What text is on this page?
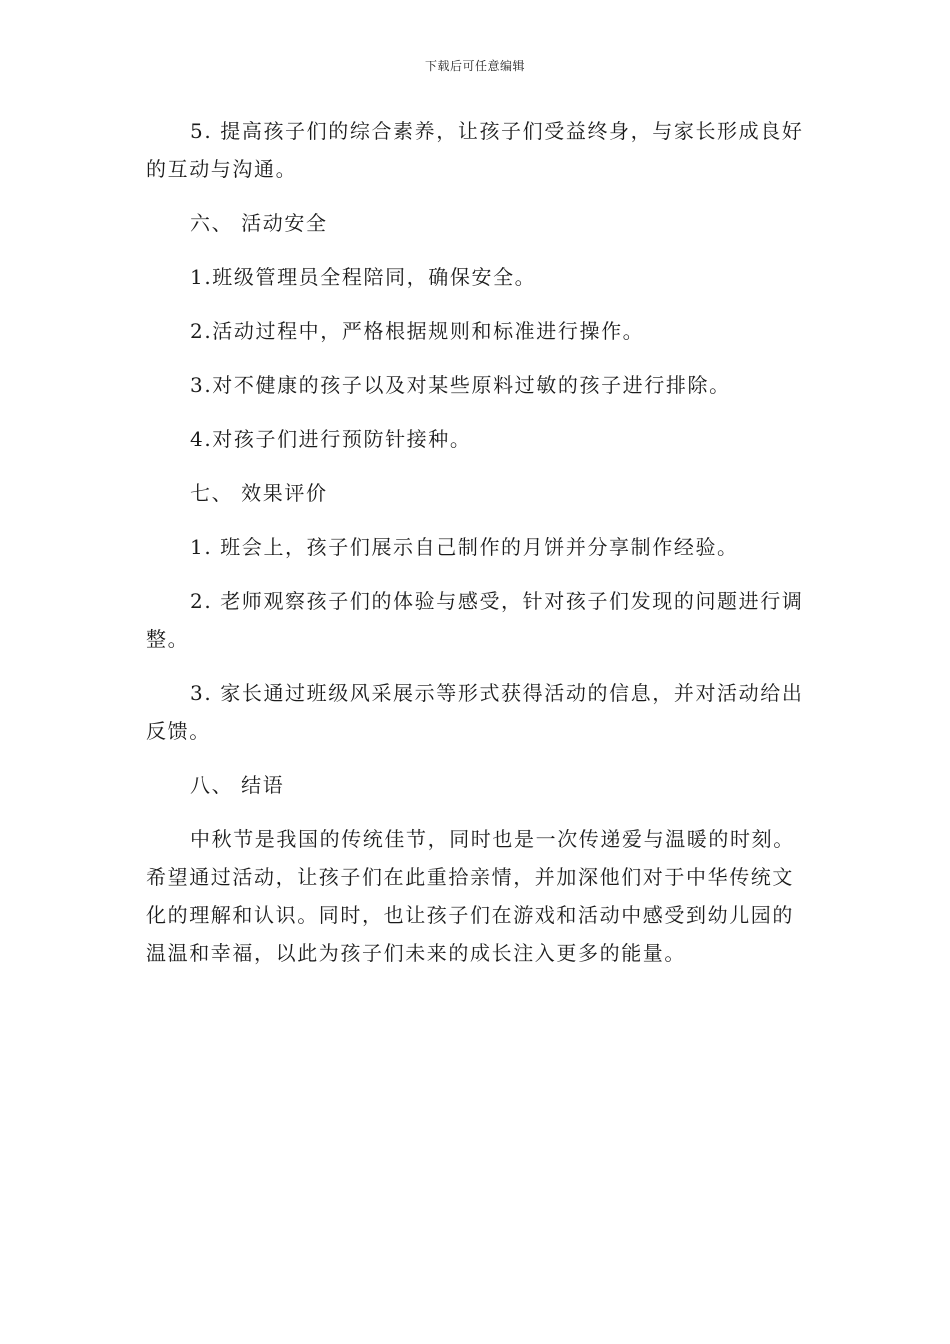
下载后可任意编辑

5. 提高孩子们的综合素养，让孩子们受益终身，与家长形成良好的互动与沟通。

六、 活动安全

1.班级管理员全程陪同，确保安全。

2.活动过程中，严格根据规则和标准进行操作。

3.对不健康的孩子以及对某些原料过敏的孩子进行排除。

4.对孩子们进行预防针接种。

七、 效果评价

1. 班会上，孩子们展示自己制作的月饼并分享制作经验。

2. 老师观察孩子们的体验与感受，针对孩子们发现的问题进行调整。

3. 家长通过班级风采展示等形式获得活动的信息，并对活动给出反馈。

八、 结语

中秋节是我国的传统佳节，同时也是一次传递爱与温暖的时刻。希望通过活动，让孩子们在此重拾亲情，并加深他们对于中华传统文化的理解和认识。同时，也让孩子们在游戏和活动中感受到幼儿园的温温和幸福，以此为孩子们未来的成长注入更多的能量。
